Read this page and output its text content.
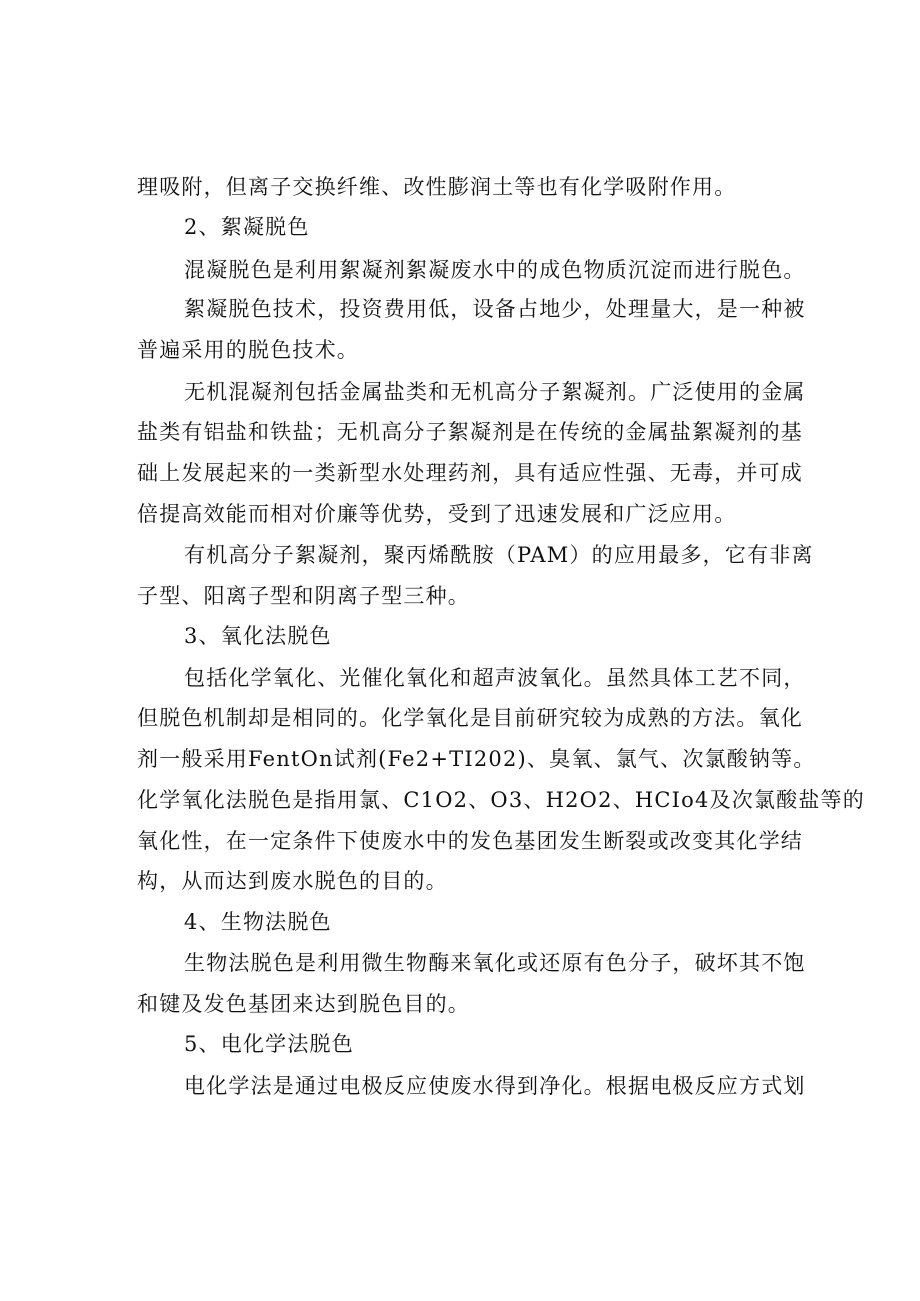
理吸附，但离子交换纤维、改性膨润土等也有化学吸附作用。
2、絮凝脱色
混凝脱色是利用絮凝剂絮凝废水中的成色物质沉淀而进行脱色。
絮凝脱色技术，投资费用低，设备占地少，处理量大，是一种被
普遍采用的脱色技术。
无机混凝剂包括金属盐类和无机高分子絮凝剂。广泛使用的金属
盐类有铝盐和铁盐；无机高分子絮凝剂是在传统的金属盐絮凝剂的基
础上发展起来的一类新型水处理药剂，具有适应性强、无毒，并可成
倍提高效能而相对价廉等优势，受到了迅速发展和广泛应用。
有机高分子絮凝剂，聚丙烯酰胺（PAM）的应用最多，它有非离
子型、阳离子型和阴离子型三种。
3、氧化法脱色
包括化学氧化、光催化氧化和超声波氧化。虽然具体工艺不同，
但脱色机制却是相同的。化学氧化是目前研究较为成熟的方法。氧化
剂一般采用FentOn试剂(Fe2+TI202)、臭氧、氯气、次氯酸钠等。
化学氧化法脱色是指用氯、C1O2、O3、H2O2、HCIo4及次氯酸盐等的
氧化性，在一定条件下使废水中的发色基团发生断裂或改变其化学结
构，从而达到废水脱色的目的。
4、生物法脱色
生物法脱色是利用微生物酶来氧化或还原有色分子，破坏其不饱
和键及发色基团来达到脱色目的。
5、电化学法脱色
电化学法是通过电极反应使废水得到净化。根据电极反应方式划
